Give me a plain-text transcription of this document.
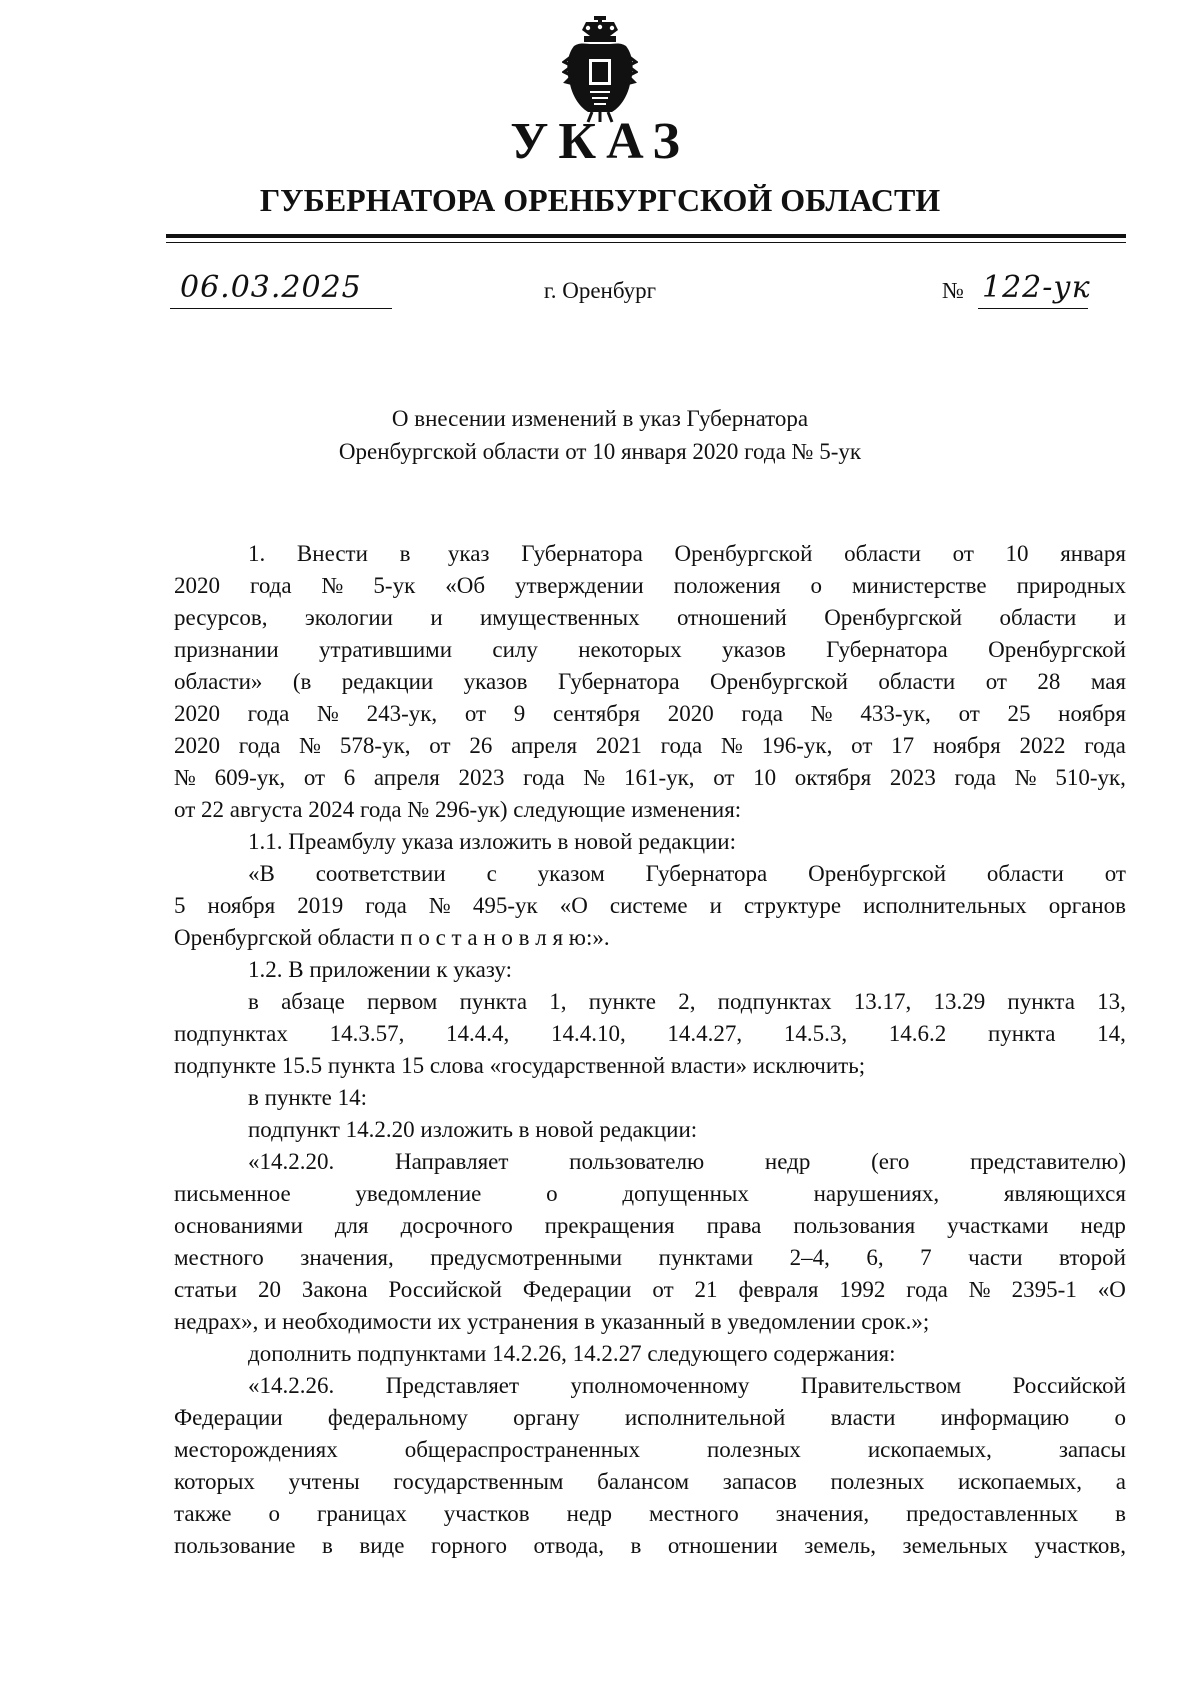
УКАЗ
ГУБЕРНАТОРА ОРЕНБУРГСКОЙ ОБЛАСТИ
06.03.2025	г. Оренбург	№ 122-ук
О внесении изменений в указ Губернатора
Оренбургской области от 10 января 2020 года № 5-ук
1. Внести в указ Губернатора Оренбургской области от 10 января
2020 года № 5-ук «Об утверждении положения о министерстве природных
ресурсов, экологии и имущественных отношений Оренбургской области и
признании утратившими силу некоторых указов Губернатора Оренбургской
области» (в редакции указов Губернатора Оренбургской области от 28 мая
2020 года № 243-ук, от 9 сентября 2020 года № 433-ук, от 25 ноября
2020 года № 578-ук, от 26 апреля 2021 года № 196-ук, от 17 ноября 2022 года
№ 609-ук, от 6 апреля 2023 года № 161-ук, от 10 октября 2023 года № 510-ук,
от 22 августа 2024 года № 296-ук) следующие изменения:
1.1. Преамбулу указа изложить в новой редакции:
«В соответствии с указом Губернатора Оренбургской области от
5 ноября 2019 года № 495-ук «О системе и структуре исполнительных органов
Оренбургской области п о с т а н о в л я ю:».
1.2. В приложении к указу:
в абзаце первом пункта 1, пункте 2, подпунктах 13.17, 13.29 пункта 13,
подпунктах 14.3.57, 14.4.4, 14.4.10, 14.4.27, 14.5.3, 14.6.2 пункта 14,
подпункте 15.5 пункта 15 слова «государственной власти» исключить;
в пункте 14:
подпункт 14.2.20 изложить в новой редакции:
«14.2.20.	Направляет	пользователю	недр	(его	представителю)
письменное	уведомление	о	допущенных	нарушениях,	являющихся
основаниями для досрочного прекращения права пользования участками недр
местного значения, предусмотренными пунктами 2–4, 6, 7 части второй
статьи 20 Закона Российской Федерации от 21 февраля 1992 года № 2395-1 «О
недрах», и необходимости их устранения в указанный в уведомлении срок.»;
дополнить подпунктами 14.2.26, 14.2.27 следующего содержания:
«14.2.26. Представляет уполномоченному Правительством Российской
Федерации федеральному органу исполнительной власти информацию о
месторождениях	общераспространенных	полезных	ископаемых,	запасы
которых учтены государственным балансом запасов полезных ископаемых, а
также о границах участков недр местного значения, предоставленных в
пользование в виде горного отвода, в отношении земель, земельных участков,
